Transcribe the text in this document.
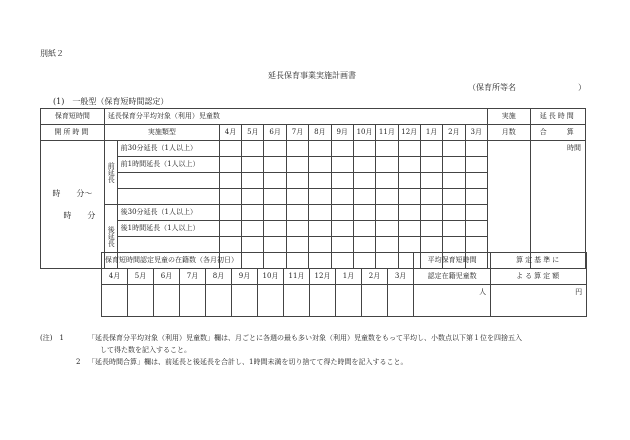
別紙２
延長保育事業実施計画書
（保育所等名	）
(1)　一般型（保育短時間認定）
保育短時間	延長保育分平均対象（利用）児童数														実施	延長時間
開所時間	実施類型		4月	5月	6月	7月	8月	9月	10月	11月	12月	1月	2月	3月	月数	合　　算

時　　分～
時　　分	前延長	前30分延長（1人以上）														時間
		前1時間延長（1人以上）														

	後延長	後30分延長（1人以上）														
		後1時間延長（1人以上）														

保育短時間認定児童の在籍数（各月初日）												平均保育短時間	算定基準に
4月	5月	6月	7月	8月	9月	10月	11月	12月	1月	2月	3月	認定在籍児童数	よる算定額
												人	円
(注)　1	「延長保育分平均対象（利用）児童数」欄は、月ごとに各週の最も多い対象（利用）児童数をもって平均し、小数点以下第１位を四捨五入
して得た数を記入すること。
2 「延長時間合算」欄は、前延長と後延長を合計し、1時間未満を切り捨てて得た時間を記入すること。
